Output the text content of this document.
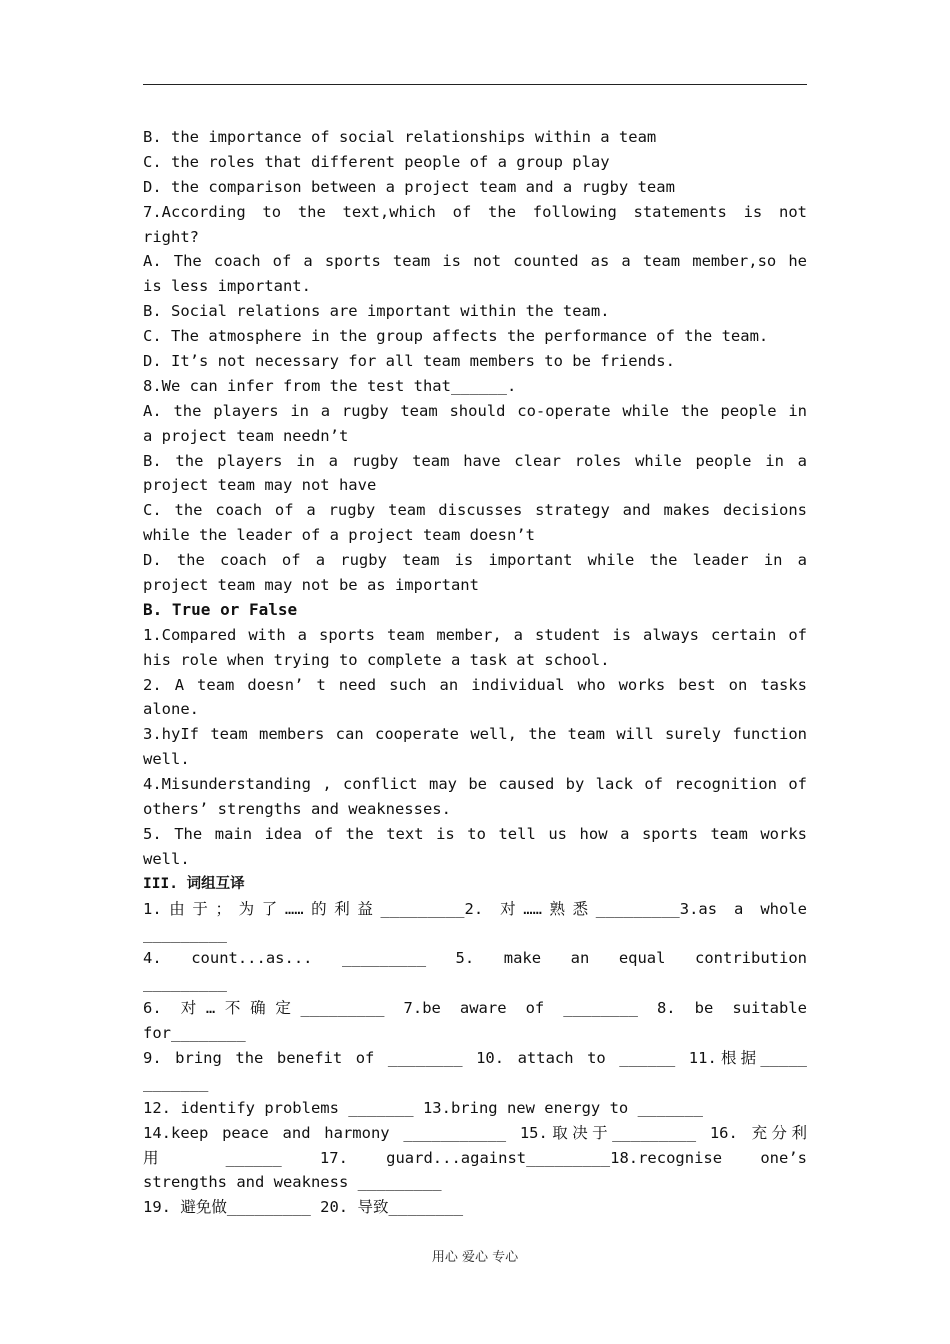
B. the importance of social relationships within a team
C. the roles that different people of a group play
D. the comparison between a project team and a rugby team
7.According to the text,which of the following statements is not
right?
A. The coach of a sports team is not counted as a team member,so he
is less important.
B. Social relations are important within the team.
C. The atmosphere in the group affects the performance of the team.
D. It’s not necessary for all team members to be friends.
8.We can infer from the test that______.
A. the players in a rugby team should co-operate while the people in
a project team needn’t
B. the players in a rugby team have clear roles while people in a
project team may not have
C. the coach of a rugby team discusses strategy and makes decisions
while the leader of a project team doesn’t
D. the coach of a rugby team is important while the leader in a
project team may not be as important
B. True or False
1.Compared with a sports team member, a student is always certain of
his role when trying to complete a task at school.
2. A team doesn’ t need such an individual who works best on tasks
alone.
3.hyIf team members can cooperate well, the team will surely function
well.
4.Misunderstanding , conflict may be caused by lack of recognition of
others’ strengths and weaknesses.
5. The main idea of the text is to tell us how a sports team works
well.
III. 词组互译
1.由于；为了……的利益_________2. 对……熟悉_________3.as a whole
_________
4. count...as... _________ 5. make an equal contribution
_________
6. 对…不确定_________ 7.be aware of ________ 8. be suitable
for________
9. bring the benefit of ________ 10. attach to ______ 11.根据_____
_______
12. identify problems _______ 13.bring new energy to _______
14.keep peace and harmony ___________ 15.取决于_________ 16. 充分利
用 ______ 17. guard...against_________18.recognise one’s
strengths and weakness _________
19. 避免做_________ 20. 导致________
用心 爱心 专心
